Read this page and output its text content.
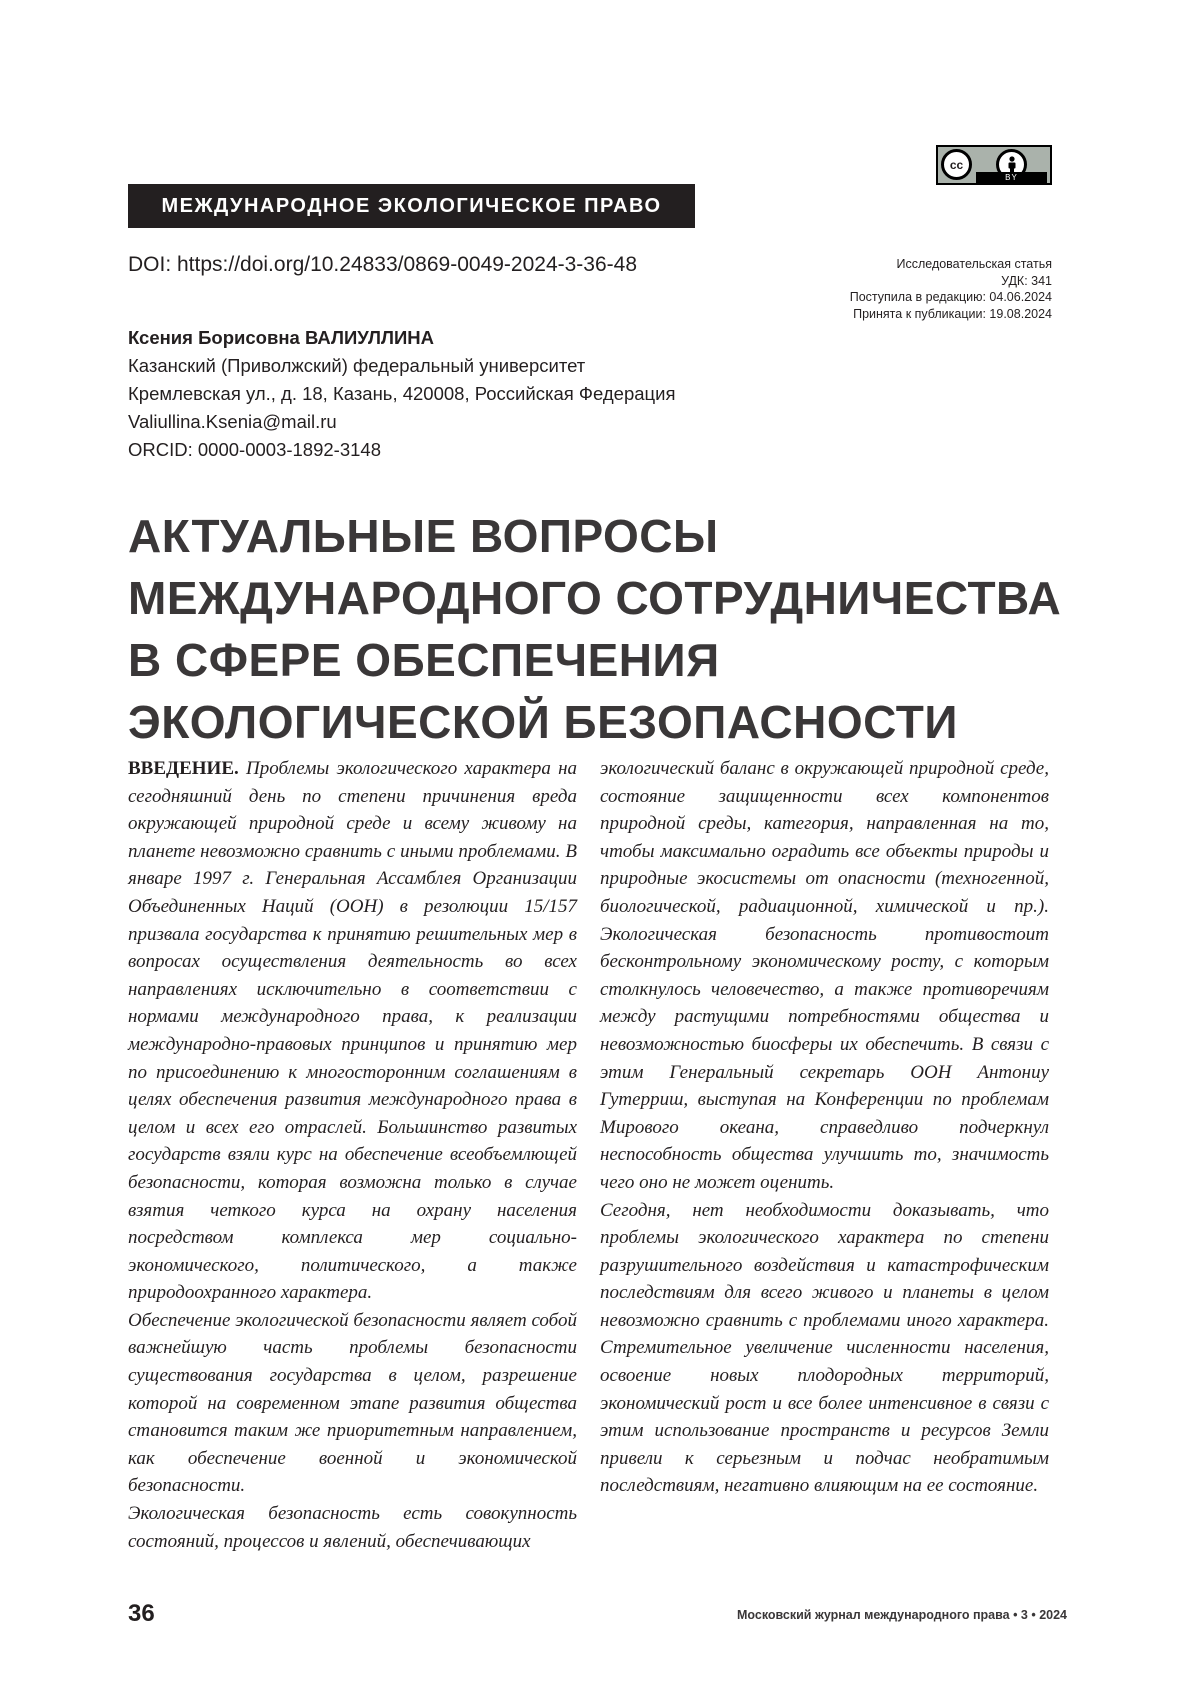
cc
BY
МЕЖДУНАРОДНОЕ ЭКОЛОГИЧЕСКОЕ ПРАВО
DOI: https://doi.org/10.24833/0869-0049-2024-3-36-48	Исследовательская статья
УДК: 341
Поступила в редакцию: 04.06.2024
Принята к публикации: 19.08.2024
Ксения Борисовна ВАЛИУЛЛИНА
Казанский (Приволжский) федеральный университет
Кремлевская ул., д. 18, Казань, 420008, Российская Федерация
Valiullina.Ksenia@mail.ru
ORCID: 0000-0003-1892-3148
АКТУАЛЬНЫЕ ВОПРОСЫ
МЕЖДУНАРОДНОГО СОТРУДНИЧЕСТВА
В СФЕРЕ ОБЕСПЕЧЕНИЯ
ЭКОЛОГИЧЕСКОЙ БЕЗОПАСНОСТИ

ВВЕДЕНИЕ. Проблемы экологического характера на сегодняшний день по степени причинения вреда окружающей природной среде и всему живому на планете невозможно сравнить с иными проблемами. В январе 1997 г. Генеральная Ассамблея Организации Объединенных Наций (ООН) в резолюции 15/157 призвала государства к принятию решительных мер в вопросах осуществления деятельность во всех направлениях исключительно в соответствии с нормами международного права, к реализации международно-правовых принципов и принятию мер по присоединению к многосторонним соглашениям в целях обеспечения развития международного права в целом и всех его отраслей. Большинство развитых государств взяли курс на обеспечение всеобъемлющей безопасности, которая возможна только в случае взятия четкого курса на охрану населения посредством комплекса мер социально-экономического, политического, а также природоохранного характера.

Обеспечение экологической безопасности являет собой важнейшую часть проблемы безопасности существования государства в целом, разрешение которой на современном этапе развития общества становится таким же приоритетным направлением, как обеспечение военной и экономической безопасности.

Экологическая безопасность есть совокупность состояний, процессов и явлений, обеспечивающих

экологический баланс в окружающей природной среде, состояние защищенности всех компонентов природной среды, категория, направленная на то, чтобы максимально оградить все объекты природы и природные экосистемы от опасности (техногенной, биологической, радиационной, химической и пр.). Экологическая безопасность противостоит бесконтрольному экономическому росту, с которым столкнулось человечество, а также противоречиям между растущими потребностями общества и невозможностью биосферы их обеспечить. В связи с этим Генеральный секретарь ООН Антониу Гутерриш, выступая на Конференции по проблемам Мирового океана, справедливо подчеркнул неспособность общества улучшить то, значимость чего оно не может оценить.

Сегодня, нет необходимости доказывать, что проблемы экологического характера по степени разрушительного воздействия и катастрофическим последствиям для всего живого и планеты в целом невозможно сравнить с проблемами иного характера. Стремительное увеличение численности населения, освоение новых плодородных территорий, экономический рост и все более интенсивное в связи с этим использование пространств и ресурсов Земли привели к серьезным и подчас необратимым последствиям, негативно влияющим на ее состояние.

36	Московский журнал международного права • 3 • 2024
